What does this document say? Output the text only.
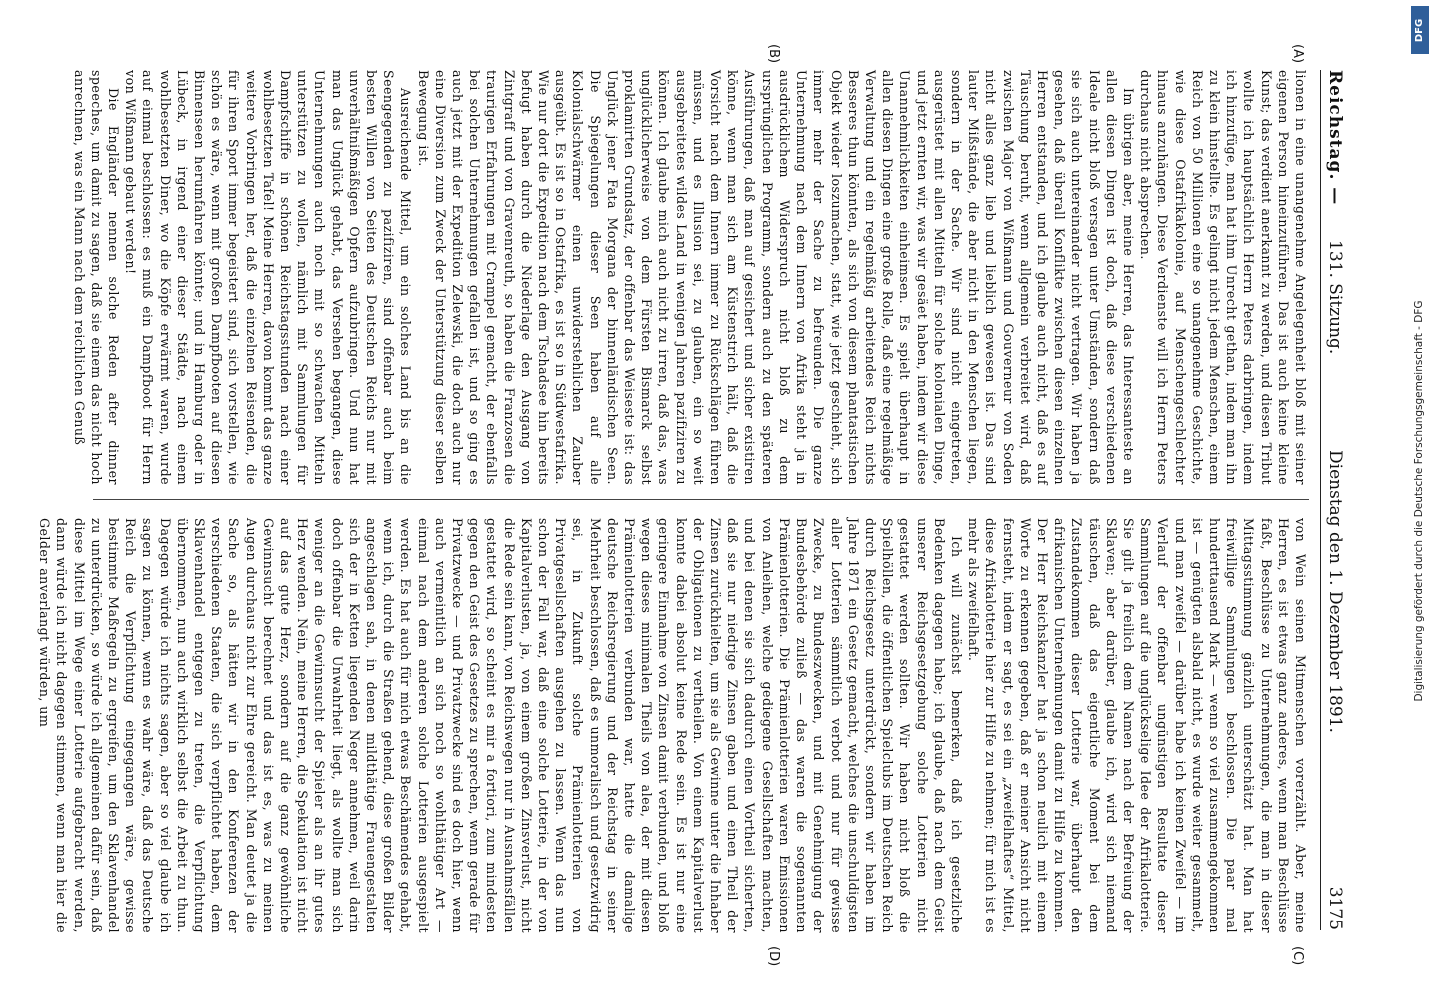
Reichstag. —
131. Sitzung.
Dienstag den 1. Dezember 1891.
3175
(A)
(B)
(C)
(D)

lionen in eine unangenehme Angelegenheit bloß mit seiner eigenen Person hineinzuführen. Das ist auch keine kleine Kunst; das verdient anerkannt zu werden, und diesen Tribut wollte ich hauptsächlich Herrn Peters darbringen, indem ich hinzufüge, man hat ihm Unrecht gethan, indem man ihn zu klein hinstellte. Es gelingt nicht jedem Menschen, einem Reich von 50 Millionen eine so unangenehme Geschichte, wie diese Ostafrikakolonie, auf Menschengeschlechter hinaus anzuhängen. Diese Verdienste will ich Herrn Peters durchaus nicht absprechen.

Im übrigen aber, meine Herren, das Interessanteste an allen diesen Dingen ist doch, daß diese verschiedenen Ideale nicht bloß versagen unter Umständen, sondern daß sie sich auch untereinander nicht vertragen. Wir haben ja gesehen, daß überall Konflikte zwischen diesen einzelnen Herren entstanden, und ich glaube auch nicht, daß es auf Täuschung beruht, wenn allgemein verbreitet wird, daß zwischen Major von Wißmann und Gouverneur von Soden nicht alles ganz lieb und lieblich gewesen ist. Das sind lauter Mißstände, die aber nicht in den Menschen liegen, sondern in der Sache. Wir sind nicht eingetreten, ausgerüstet mit allen Mitteln für solche kolonialen Dinge, und jetzt ernten wir, was wir gesäet haben, indem wir diese Unannehmlichkeiten einheimsen. Es spielt überhaupt in allen diesen Dingen eine große Rolle, daß eine regelmäßige Verwaltung und ein regelmäßig arbeitendes Reich nichts Besseres thun könnten, als sich von diesem phantastischen Objekt wieder loszumachen, statt, wie jetzt geschieht, sich immer mehr der Sache zu befreunden. Die ganze Unternehmung nach dem Innern von Afrika steht ja in ausdrücklichem Widerspruch nicht bloß zu dem ursprünglichen Programm, sondern auch zu den späteren Ausführungen, daß man auf gesichert und sicher existiren könne, wenn man sich am Küstenstrich hält, daß die Vorsicht nach dem Innern immer zu Rückschlägen führen müssen, und es Illusion sei, zu glauben, ein so weit ausgebreitetes wildes Land in wenigen Jahren pazifiziren zu können. Ich glaube mich auch nicht zu irren, daß das, was unglücklicherweise von dem Fürsten Bismarck selbst proklamirten Grundsatz, der offenbar das Weiseste ist: das Unglück jener Fata Morgana der binnenländischen Seen. Die Spiegelungen dieser Seen haben auf alle Kolonialschwärmer einen unwiderstehlichen Zauber ausgeübt. Es ist so in Ostafrika, es ist so in Südwestafrika. Wie nur dort die Expedition nach dem Tschadsee hin bereits befugt haben durch die Niederlage den Ausgang von Zintgraff und von Gravenreuth, so haben die Franzosen die traurigen Erfahrungen mit Crampel gemacht, der ebenfalls bei solchen Unternehmungen gefallen ist, und so ging es auch jetzt mit der Expedition Zelewski, die doch auch nur eine Diversion zum Zweck der Unterstützung dieser selben Bewegung ist.

Ausreichende Mittel, um ein solches Land bis an die Seengegenden zu pazifiziren, sind offenbar auch beim besten Willen von Seiten des Deutschen Reichs nur mit unverhältnißmäßigen Opfern aufzubringen. Und nun hat man das Unglück gehabt, das Versehen begangen, diese Unternehmungen auch noch mit so schwachen Mitteln unterstützen zu wollen, nämlich mit Sammlungen für Dampfschiffe in schönen Reichstagsstunden nach einer wohlbesetzten Tafel! Meine Herren, davon kommt das ganze weitere Vorbringen her, daß die einzelnen Reisenden, die für ihren Sport immer begeistert sind, sich vorstellen, wie schön es wäre, wenn mit großen Dampfbooten auf diesen Binnenseen herumfahren könnte; und in Hamburg oder in Lübeck, in irgend einer dieser Städte, nach einem wohlbesetzten Diner, wo die Köpfe erwärmt waren, wurde auf einmal beschlossen: es muß ein Dampfboot für Herrn von Wißmann gebaut werden!

Die Engländer nennen solche Reden after dinner speeches, um damit zu sagen, daß sie einem das nicht hoch anrechnen, was ein Mann nach dem reichlichen Genuß

von Wein seinen Mitmenschen vorerzählt. Aber, meine Herren, es ist etwas ganz anderes, wenn man Beschlüsse faßt, Beschlüsse zu Unternehmungen, die man in dieser Mittagsstimmung gänzlich unterschätzt hat. Man hat freiwillige Sammlungen beschlossen. Die paar mal hunderttausend Mark — wenn so viel zusammengekommen ist — genügten alsbald nicht, es wurde weiter gesammelt, und man zweifel — darüber habe ich keinen Zweifel — im Verlauf der offenbar ungünstigen Resultate dieser Sammlungen auf die unglückselige Idee der Afrikalotterie. Sie gilt ja freilich dem Namen nach der Befreiung der Sklaven; aber darüber, glaube ich, wird sich niemand täuschen, daß das eigentliche Moment bei dem Zustandekommen dieser Lotterie war, überhaupt den afrikanischen Unternehmungen damit zu Hilfe zu kommen. Der Herr Reichskanzler hat ja schon neulich mit einem Worte zu erkennen gegeben, daß er meiner Ansicht nicht fernsteht, indem er sagt, es sei ein „zweifelhaftes“ Mittel, diese Afrikalotterie hier zur Hilfe zu nehmen; für mich ist es mehr als zweifelhaft.

Ich will zunächst bemerken, daß ich gesetzliche Bedenken dagegen habe; ich glaube, daß nach dem Geist unserer Reichsgesetzgebung solche Lotterien nicht gestattet werden sollten. Wir haben nicht bloß die Spielhöllen, die öffentlichen Spielclubs im Deutschen Reich durch Reichsgesetz unterdrückt, sondern wir haben im Jahre 1871 ein Gesetz gemacht, welches die unschuldigsten aller Lotterien sämmtlich verbot und nur für gewisse Zwecke, zu Bundeszwecken, und mit Genehmigung der Bundesbehörde zuließ — das waren die sogenannten Prämienlotterien. Die Prämienlotterien waren Emissionen von Anleihen, welche gediegene Gesellschaften machten, und bei denen sie sich dadurch einen Vortheil sicherten, daß sie nur niedrige Zinsen gaben und einen Theil der Zinsen zurückhielten, um sie als Gewinne unter die Inhaber der Obligationen zu vertheilen. Von einem Kapitalverlust konnte dabei absolut keine Rede sein. Es ist nur eine geringere Einnahme von Zinsen damit verbunden, und bloß wegen dieses minimalen Theils von alea, der mit diesen Prämienlotterien verbunden war, hatte die damalige deutsche Reichsregierung und der Reichstag in seiner Mehrheit beschlossen, daß es unmoralisch und gesetzwidrig sei, in Zukunft solche Prämienlotterien von Privatgesellschaften ausgehen zu lassen. Wenn das nun schon der Fall war, daß eine solche Lotterie, in der von Kapitalverlusten, ja, von einem großen Zinsverlust, nicht die Rede sein kann, von Reichswegen nur in Ausnahmsfällen gestattet wird, so scheint es mir a fortiori, zum mindesten gegen den Geist des Gesetzes zu sprechen, wenn gerade für Privatzwecke — und Privatzwecke sind es doch hier, wenn auch vermeintlich an sich noch so wohlthätiger Art — einmal nach dem anderen solche Lotterien ausgespielt werden. Es hat auch für mich etwas Beschämendes gehabt, wenn ich, durch die Straßen gehend, diese großen Bilder angeschlagen sah, in denen mildthätige Frauengestalten sich der in Ketten liegenden Neger annehmen, weil darin doch offenbar die Unwahrheit liegt, als wollte man sich weniger an die Gewinnsucht der Spieler als an ihr gutes Herz wenden. Nein, meine Herren, die Spekulation ist nicht auf das gute Herz, sondern auf die ganz gewöhnliche Gewinnsucht berechnet und das ist es, was zu meinen Augen durchaus nicht zur Ehre gereicht. Man deutet ja die Sache so, als hätten wir in den Konferenzen der verschiedenen Staaten, die sich verpflichtet haben, dem Sklavenhandel entgegen zu treten, die Verpflichtung übernommen, nun auch wirklich selbst die Arbeit zu thun. Dagegen würde ich nichts sagen, aber so viel glaube ich sagen zu können, wenn es wahr wäre, daß das Deutsche Reich die Verpflichtung eingegangen wäre, gewisse bestimmte Maßregeln zu ergreifen, um den Sklavenhandel zu unterdrücken, so würde ich allgemeinen dafür sein, daß diese Mittel im Wege einer Lotterie aufgebracht werden, dann würde ich nicht dagegen stimmen, wenn man hier die Gelder anverlangt würden, um	Digitalisierung gefördert durch die Deutsche Forschungsgemeinschaft - DFG
DFG
